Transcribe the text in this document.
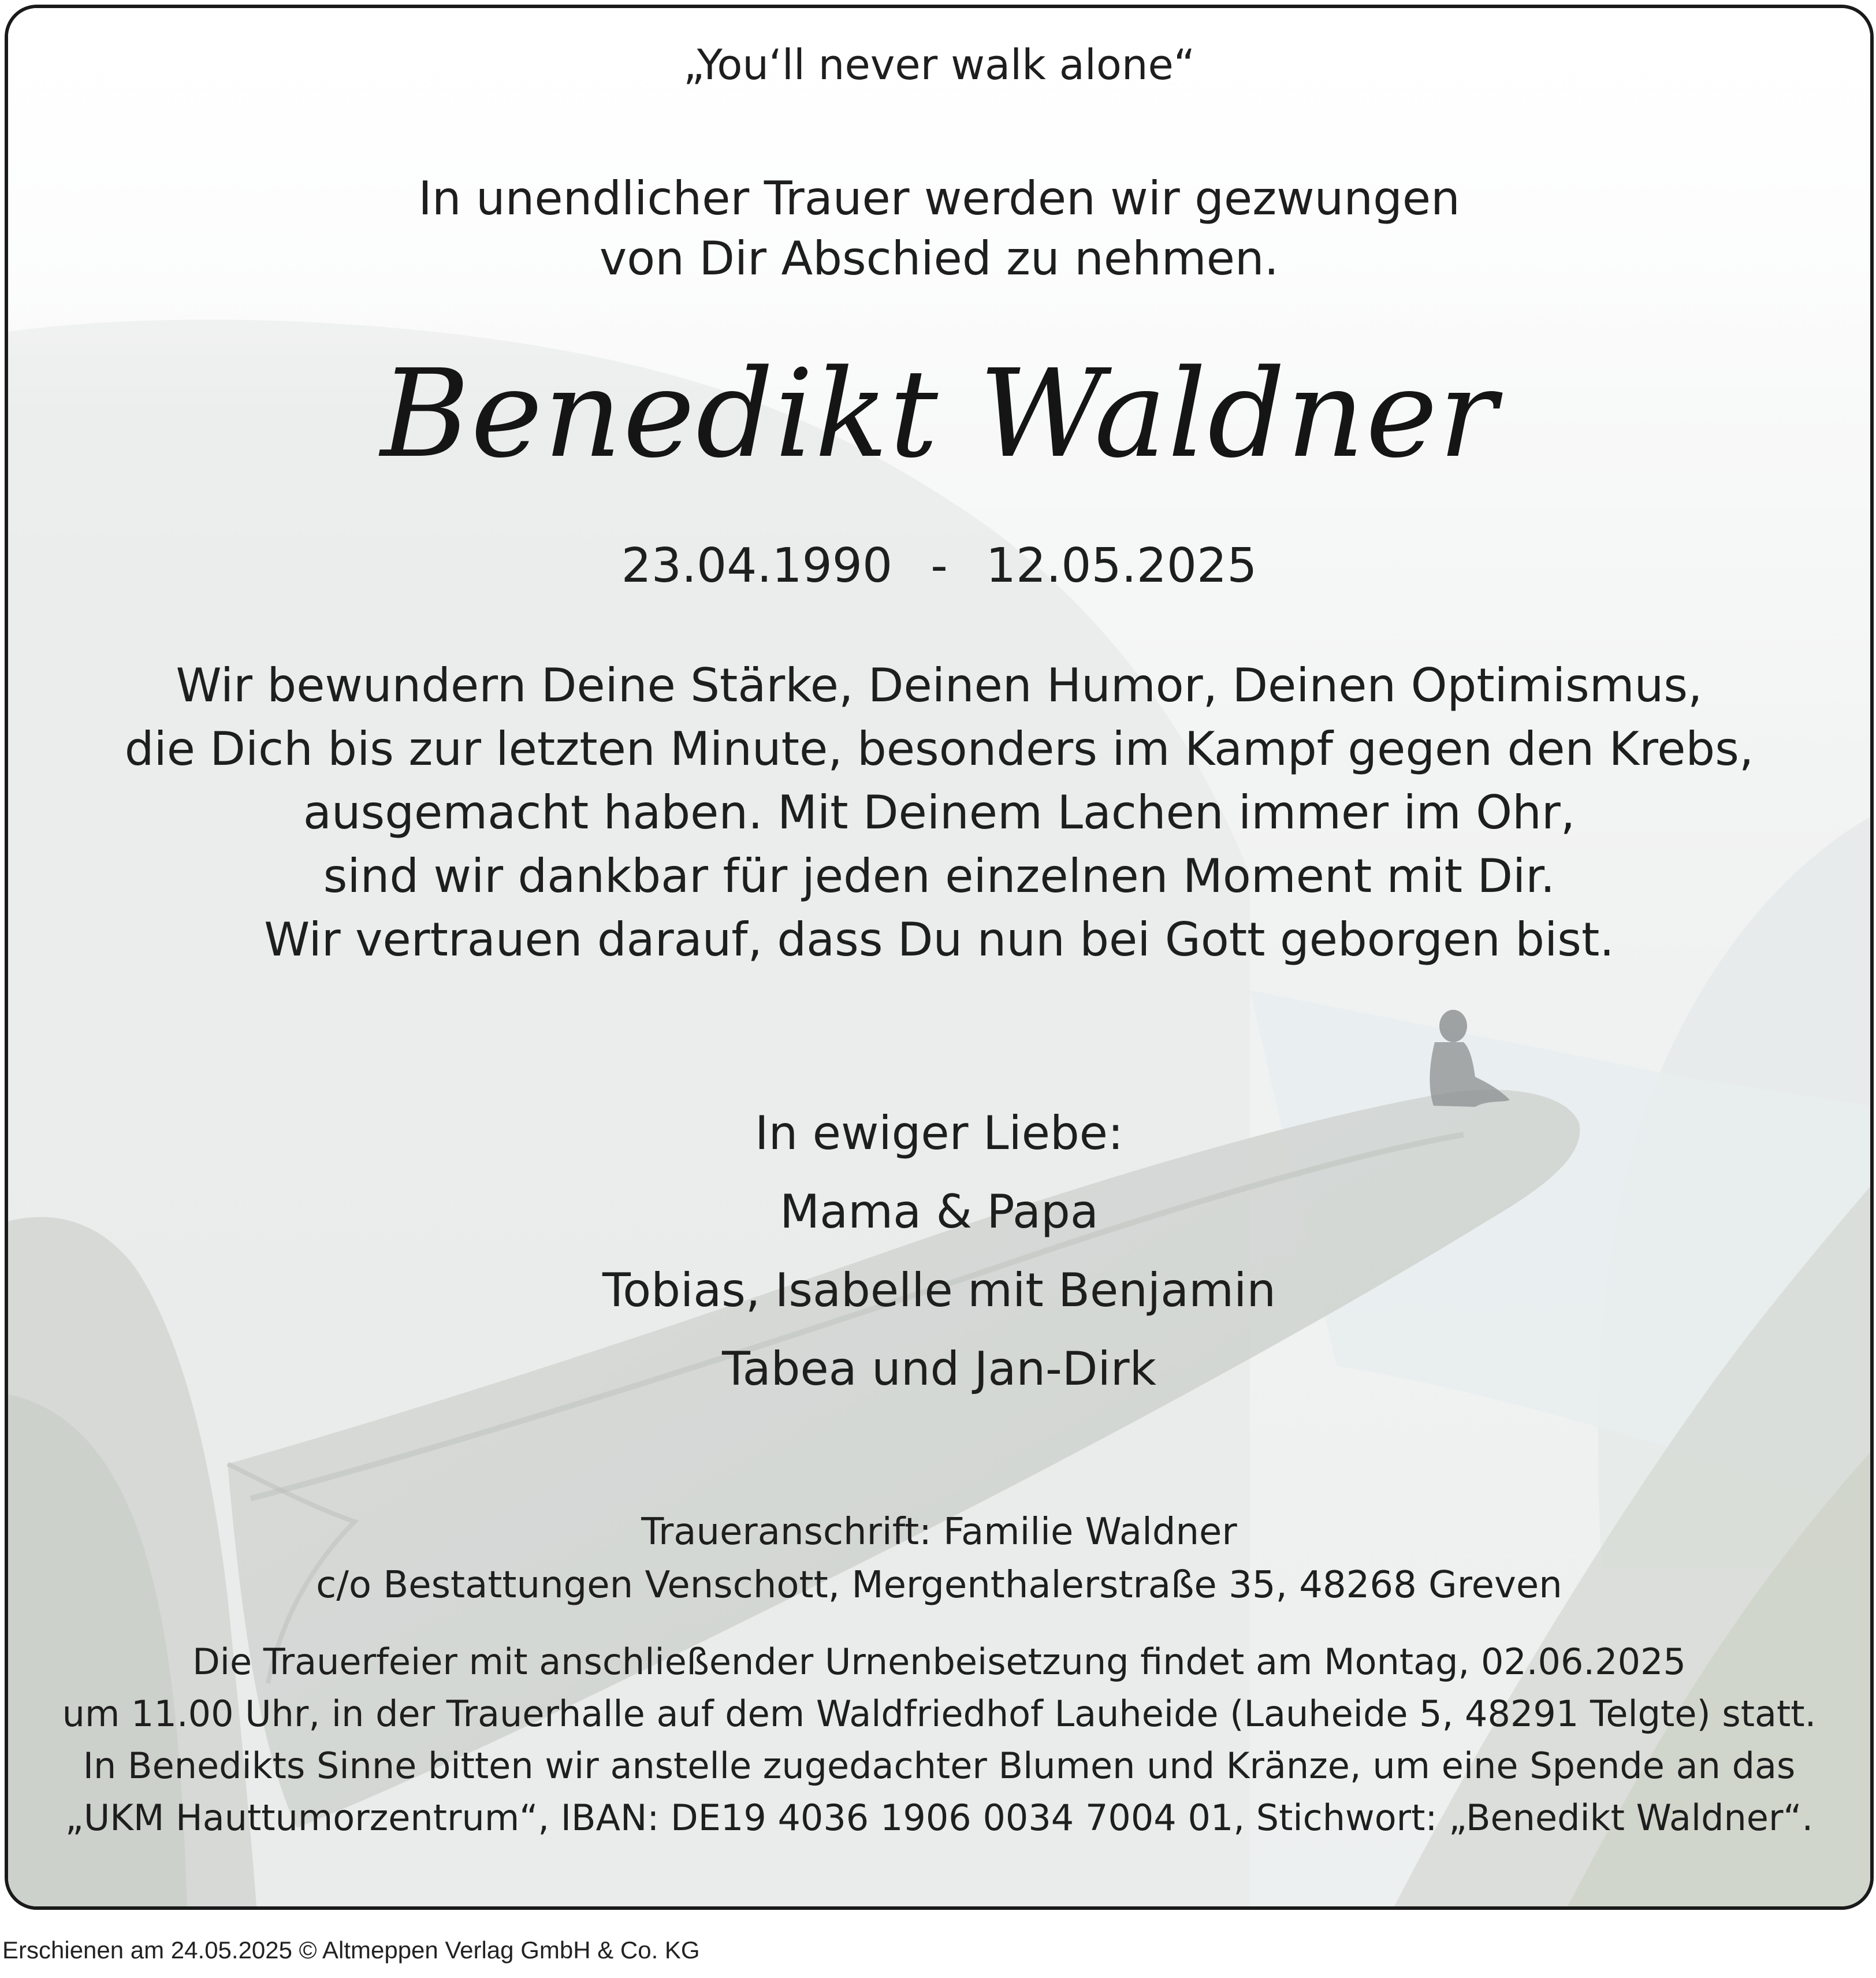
„You‘ll never walk alone“
In unendlicher Trauer werden wir gezwungen
von Dir Abschied zu nehmen.
Benedikt Waldner
23.04.1990 - 12.05.2025
Wir bewundern Deine Stärke, Deinen Humor, Deinen Optimismus,
die Dich bis zur letzten Minute, besonders im Kampf gegen den Krebs,
ausgemacht haben. Mit Deinem Lachen immer im Ohr,
sind wir dankbar für jeden einzelnen Moment mit Dir.
Wir vertrauen darauf, dass Du nun bei Gott geborgen bist.
In ewiger Liebe:
Mama & Papa
Tobias, Isabelle mit Benjamin
Tabea und Jan-Dirk
Traueranschrift: Familie Waldner
c/o Bestattungen Venschott, Mergenthalerstraße 35, 48268 Greven
Die Trauerfeier mit anschließender Urnenbeisetzung findet am Montag, 02.06.2025
um 11.00 Uhr, in der Trauerhalle auf dem Waldfriedhof Lauheide (Lauheide 5, 48291 Telgte) statt.
In Benedikts Sinne bitten wir anstelle zugedachter Blumen und Kränze, um eine Spende an das
„UKM Hauttumorzentrum“, IBAN: DE19 4036 1906 0034 7004 01, Stichwort: „Benedikt Waldner“.
Erschienen am 24.05.2025 © Altmeppen Verlag GmbH & Co. KG
